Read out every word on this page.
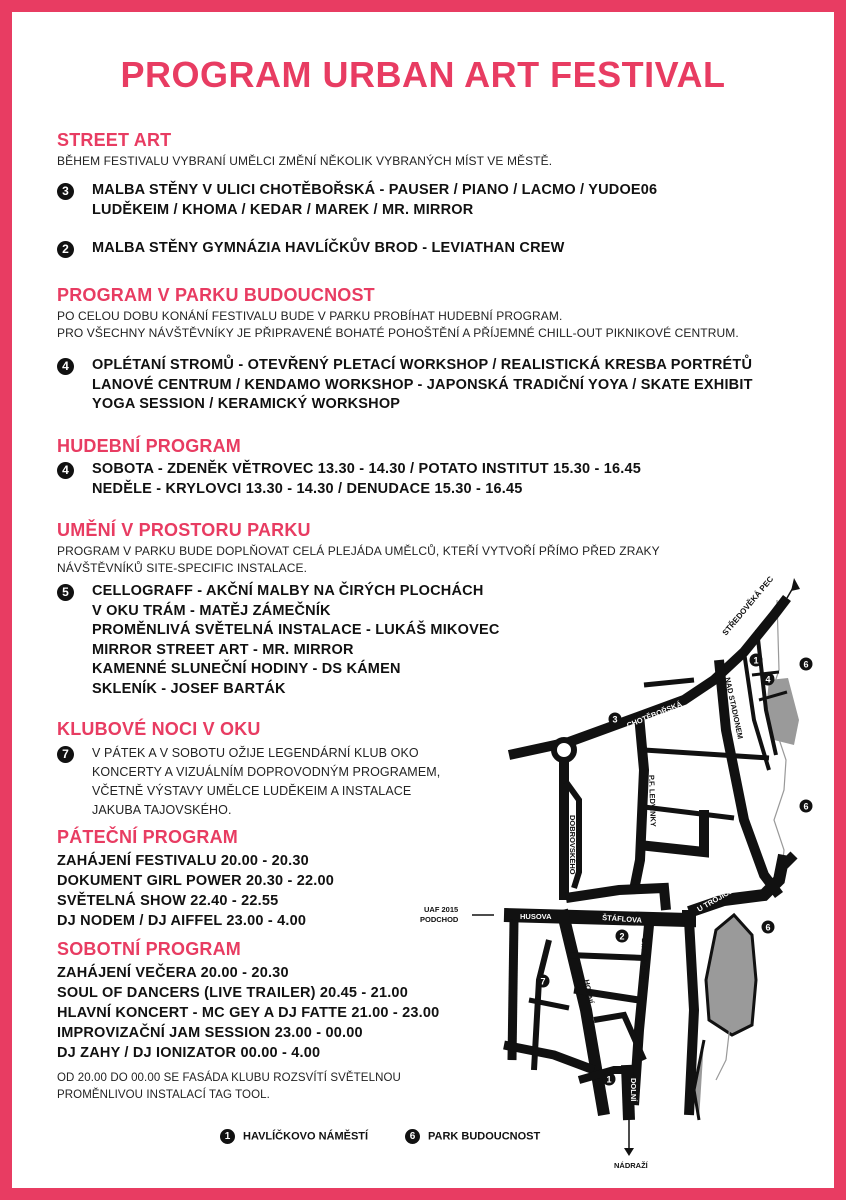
PROGRAM URBAN ART FESTIVAL
STREET ART
BĚHEM FESTIVALU VYBRANÍ UMĚLCI ZMĚNÍ NĚKOLIK VYBRANÝCH MÍST VE MĚSTĚ.
3	MALBA STĚNY V ULICI CHOTĚBOŘSKÁ - PAUSER / PIANO / LACMO / YUDOE06
LUDĚKEIM / KHOMA / KEDAR / MAREK / MR. MIRROR
2	MALBA STĚNY GYMNÁZIA HAVLÍČKŮV BROD - LEVIATHAN CREW
PROGRAM V PARKU BUDOUCNOST
PO CELOU DOBU KONÁNÍ FESTIVALU BUDE V PARKU PROBÍHAT HUDEBNÍ PROGRAM.
PRO VŠECHNY NÁVŠTĚVNÍKY JE PŘIPRAVENÉ BOHATÉ POHOŠTĚNÍ A PŘÍJEMNÉ CHILL-OUT PIKNIKOVÉ CENTRUM.
4	OPLÉTANÍ STROMŮ - OTEVŘENÝ PLETACÍ WORKSHOP / REALISTICKÁ KRESBA PORTRÉTŮ
LANOVÉ CENTRUM / KENDAMO WORKSHOP - JAPONSKÁ TRADIČNÍ YOYA / SKATE EXHIBIT
YOGA SESSION / KERAMICKÝ WORKSHOP
HUDEBNÍ PROGRAM
4	SOBOTA - ZDENĚK VĚTROVEC 13.30 - 14.30 / POTATO INSTITUT 15.30 - 16.45
NEDĚLE - KRYLOVCI 13.30 - 14.30 / DENUDACE 15.30 - 16.45
UMĚNÍ V PROSTORU PARKU
PROGRAM V PARKU BUDE DOPLŇOVAT CELÁ PLEJÁDA UMĚLCŮ, KTEŘÍ VYTVOŘÍ PŘÍMO PŘED ZRAKY
NÁVŠTĚVNÍKŮ SITE-SPECIFIC INSTALACE.
5	CELLOGRAFF - AKČNÍ MALBY NA ČIRÝCH PLOCHÁCH
V OKU TRÁM - MATĚJ ZÁMEČNÍK
PROMĚNLIVÁ SVĚTELNÁ INSTALACE - LUKÁŠ MIKOVEC
MIRROR STREET ART - MR. MIRROR
KAMENNÉ SLUNEČNÍ HODINY - DS KÁMEN
SKLENÍK - JOSEF BARTÁK
KLUBOVÉ NOCI V OKU
7	V PÁTEK A V SOBOTU OŽIJE LEGENDÁRNÍ KLUB OKO
KONCERTY A VIZUÁLNÍM DOPROVODNÝM PROGRAMEM,
VČETNĚ VÝSTAVY UMĚLCE LUDĚKEIM A INSTALACE
JAKUBA TAJOVSKÉHO.
PÁTEČNÍ PROGRAM
ZAHÁJENÍ FESTIVALU 20.00 - 20.30
DOKUMENT GIRL POWER 20.30 - 22.00
SVĚTELNÁ SHOW 22.40 - 22.55
DJ NODEM / DJ AIFFEL 23.00 - 4.00
SOBOTNÍ PROGRAM
ZAHÁJENÍ VEČERA 20.00 - 20.30
SOUL OF DANCERS (LIVE TRAILER) 20.45 - 21.00
HLAVNÍ KONCERT - MC GEY A DJ FATTE 21.00 - 23.00
IMPROVIZAČNÍ JAM SESSION 23.00 - 00.00
DJ ZAHY / DJ IONIZATOR 00.00 - 4.00
OD 20.00 DO 00.00 SE FASÁDA KLUBU ROZSVÍTÍ SVĚTELNOU
PROMĚNLIVOU INSTALACÍ TAG TOOL.
1 HAVLÍČKOVO NÁMĚSTÍ	6 PARK BUDOUCNOST
STŘEDOVĚKÁ PEC
CHOTĚBOŘSKÁ	NAD STADIONEM
P.F. LEDVINKY
DOBROVSKÉHO
HUSOVA	ŠTÁFLOVA
U TROJICE
B.NĚMCOVÉ
HORNÍ
DOLNÍ
UAF 2015
PODCHOD
NÁDRAŽÍ
1
1
2
3
4
6
6
6
7
